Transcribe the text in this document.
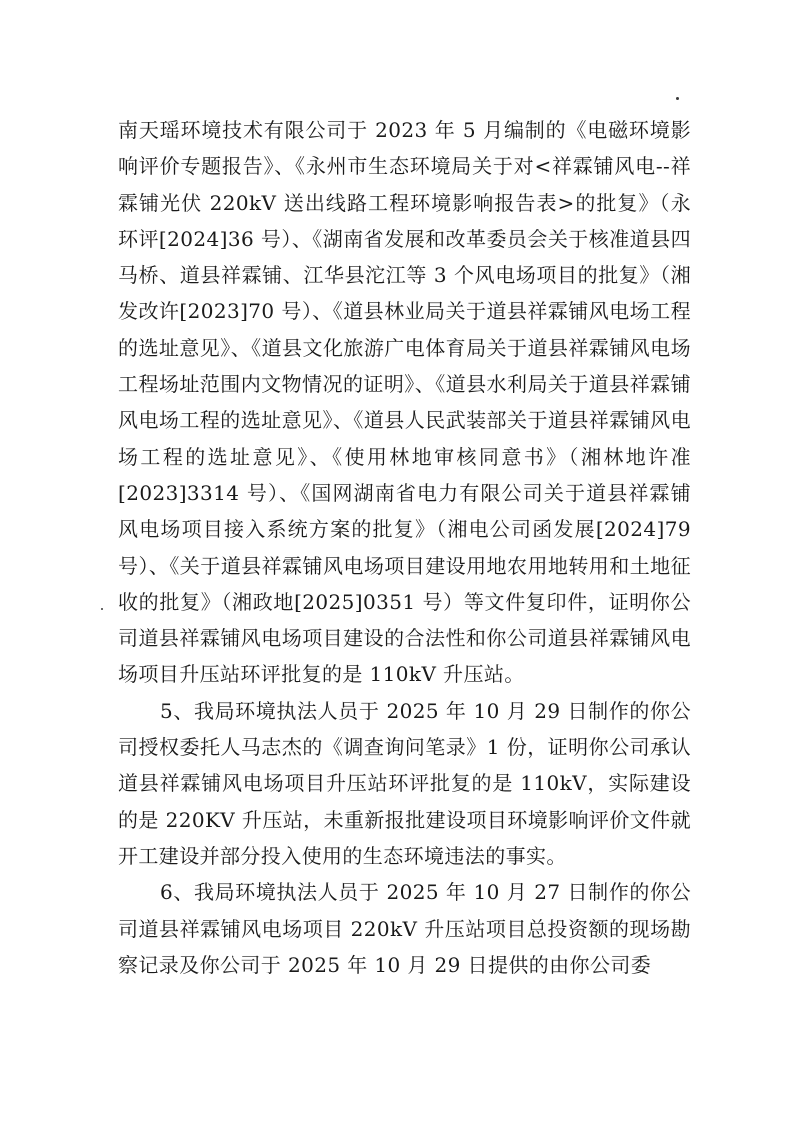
南天瑶环境技术有限公司于 2023 年 5 月编制的《电磁环境影响评价专题报告》、《永州市生态环境局关于对<祥霖铺风电--祥霖铺光伏 220kV 送出线路工程环境影响报告表>的批复》（永环评[2024]36 号）、《湖南省发展和改革委员会关于核准道县四马桥、道县祥霖铺、江华县沱江等 3 个风电场项目的批复》（湘发改许[2023]70 号）、《道县林业局关于道县祥霖铺风电场工程的选址意见》、《道县文化旅游广电体育局关于道县祥霖铺风电场工程场址范围内文物情况的证明》、《道县水利局关于道县祥霖铺风电场工程的选址意见》、《道县人民武装部关于道县祥霖铺风电场工程的选址意见》、《使用林地审核同意书》（湘林地许准[2023]3314 号）、《国网湖南省电力有限公司关于道县祥霖铺风电场项目接入系统方案的批复》（湘电公司函发展[2024]79 号）、《关于道县祥霖铺风电场项目建设用地农用地转用和土地征收的批复》（湘政地[2025]0351 号）等文件复印件，证明你公司道县祥霖铺风电场项目建设的合法性和你公司道县祥霖铺风电场项目升压站环评批复的是 110kV 升压站。

5、我局环境执法人员于 2025 年 10 月 29 日制作的你公司授权委托人马志杰的《调查询问笔录》1 份，证明你公司承认道县祥霖铺风电场项目升压站环评批复的是 110kV，实际建设的是 220KV 升压站，未重新报批建设项目环境影响评价文件就开工建设并部分投入使用的生态环境违法的事实。

6、我局环境执法人员于 2025 年 10 月 27 日制作的你公司道县祥霖铺风电场项目 220kV 升压站项目总投资额的现场勘察记录及你公司于 2025 年 10 月 29 日提供的由你公司委
